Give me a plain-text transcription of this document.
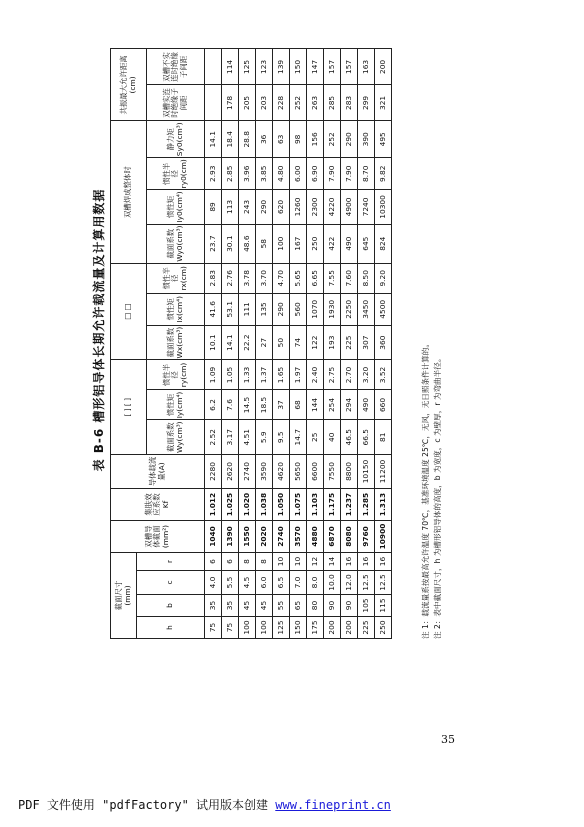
表 B-6 槽形铝导体长期允许载流量及计算用数据
截面尺寸
(mm)				双槽导体截面(mm²)	集肤效应系数Kf	导体载流量(A)	[ ] [ ]			□ □			双槽焊成整体时				共振最大允许距离(cm)	
h	b	c	r															
							截面系数Wy(cm³)	惯性矩Iy(cm⁴)	惯性半径ry(cm)	截面系数Wx(cm³)	惯性矩Ix(cm⁴)	惯性半径rx(cm)	截面系数Wy0(cm³)	惯性矩Iy0(cm⁴)	惯性半径ry0(cm)	静力矩Sy0(cm³)	双槽实连时绝缘子间距	双槽不实连时绝缘子间距
75	35	4.0	6	1040	1.012	2280	2.52	6.2	1.09	10.1	41.6	2.83	23.7	89	2.93	14.1		
75	35	5.5	6	1390	1.025	2620	3.17	7.6	1.05	14.1	53.1	2.76	30.1	113	2.85	18.4	178	114
100	45	4.5	8	1550	1.020	2740	4.51	14.5	1.33	22.2	111	3.78	48.6	243	3.96	28.8	205	125
100	45	6.0	8	2020	1.038	3590	5.9	18.5	1.37	27	135	3.70	58	290	3.85	36	203	123
125	55	6.5	10	2740	1.050	4620	9.5	37	1.65	50	290	4.70	100	620	4.80	63	228	139
150	65	7.0	10	3570	1.075	5650	14.7	68	1.97	74	560	5.65	167	1260	6.00	98	252	150
175	80	8.0	12	4880	1.103	6600	25	144	2.40	122	1070	6.65	250	2300	6.90	156	263	147
200	90	10.0	14	6870	1.175	7550	40	254	2.75	193	1930	7.55	422	4220	7.90	252	285	157
200	90	12.0	16	8080	1.237	8800	46.5	294	2.70	225	2250	7.60	490	4900	7.90	290	283	157
225	105	12.5	16	9760	1.285	10150	66.5	490	3.20	307	3450	8.50	645	7240	8.70	390	299	163
250	115	12.5	16	10900	1.313	11200	81	660	3.52	360	4500	9.20	824	10300	9.82	495	321	200
注 1：载流量系按最高允许温度 70℃，基准环境温度 25℃，无风，无日照条件计算的。 注 2：表中截面尺寸，h 为槽形铝导体的高度，b 为宽度，c 为壁厚，r 为弯曲半径。
35
PDF 文件使用 "pdfFactory" 试用版本创建 www.fineprint.cn
